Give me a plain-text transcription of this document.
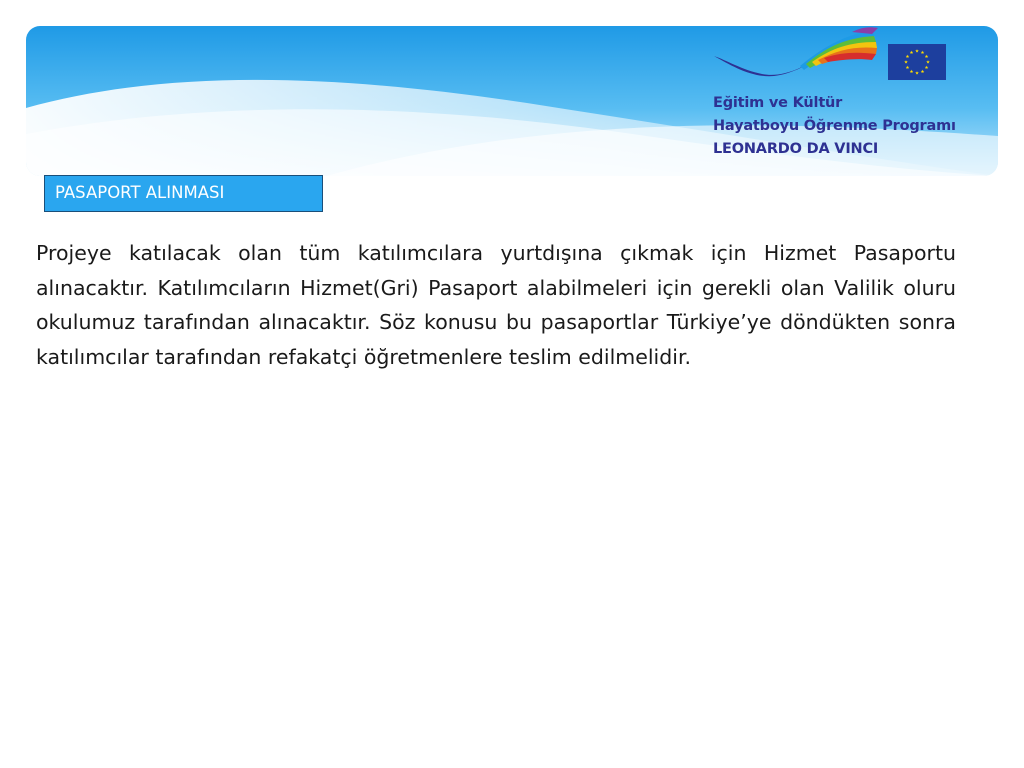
Eğitim ve Kültür
Hayatboyu Öğrenme Programı
LEONARDO DA VINCI
PASAPORT ALINMASI

Projeye katılacak olan tüm katılımcılara yurtdışına çıkmak için Hizmet Pasaportu alınacaktır. Katılımcıların Hizmet(Gri) Pasaport alabilmeleri için gerekli olan Valilik oluru okulumuz tarafından alınacaktır. Söz konusu bu pasaportlar Türkiye’ye döndükten sonra katılımcılar tarafından refakatçi öğretmenlere teslim edilmelidir.
